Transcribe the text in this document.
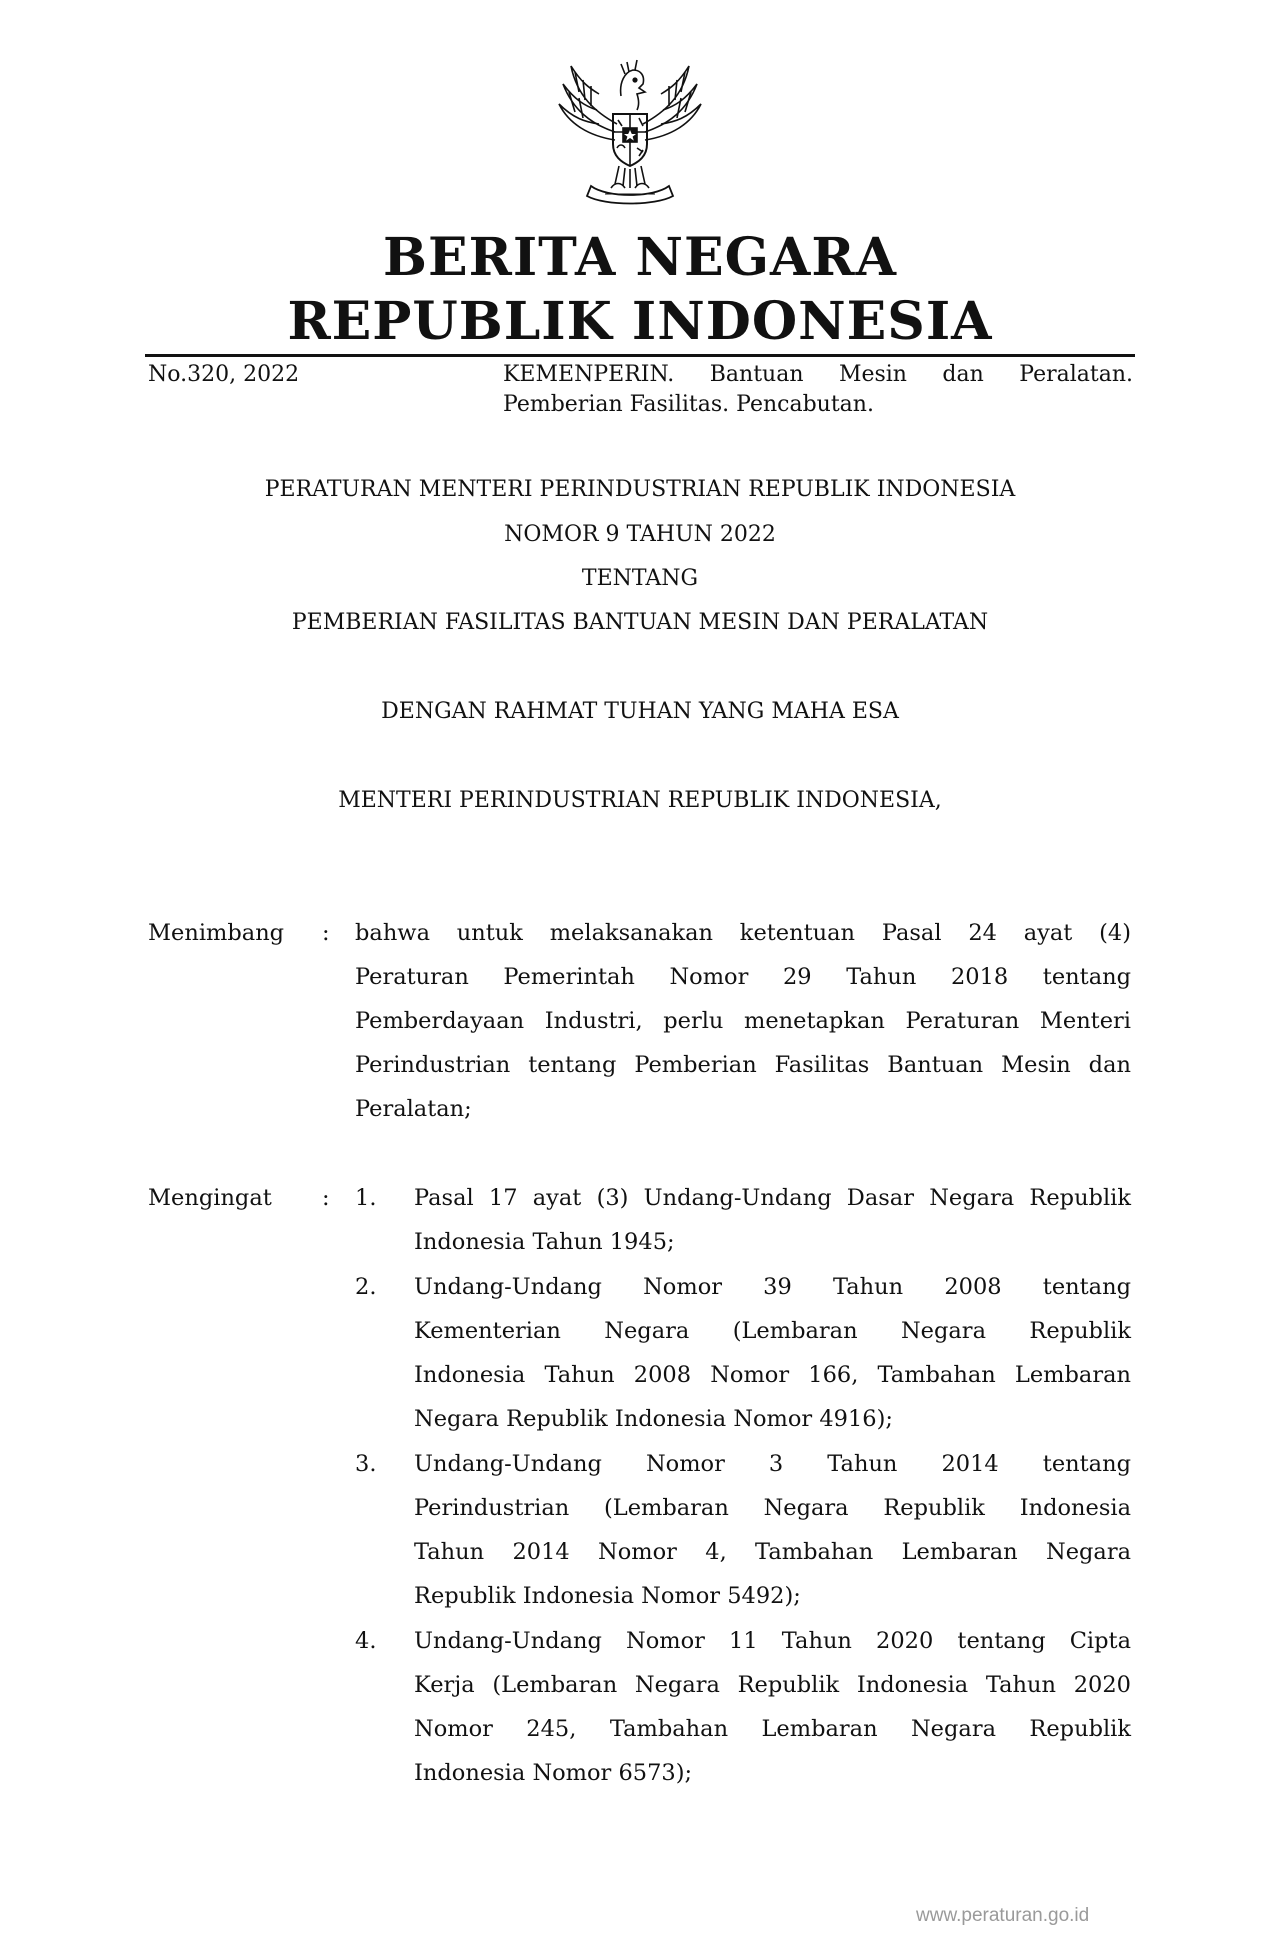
BERITA NEGARA
REPUBLIK INDONESIA
No.320, 2022	KEMENPERIN. Bantuan Mesin dan Peralatan.
Pemberian Fasilitas. Pencabutan.
PERATURAN MENTERI PERINDUSTRIAN REPUBLIK INDONESIA
NOMOR 9 TAHUN 2022
TENTANG
PEMBERIAN FASILITAS BANTUAN MESIN DAN PERALATAN
DENGAN RAHMAT TUHAN YANG MAHA ESA
MENTERI PERINDUSTRIAN REPUBLIK INDONESIA,
Menimbang : bahwa untuk melaksanakan ketentuan Pasal 24 ayat (4)
Peraturan Pemerintah Nomor 29 Tahun 2018 tentang
Pemberdayaan Industri, perlu menetapkan Peraturan Menteri
Perindustrian tentang Pemberian Fasilitas Bantuan Mesin dan
Peralatan;
Mengingat : 1. Pasal 17 ayat (3) Undang-Undang Dasar Negara Republik
Indonesia Tahun 1945;
2. Undang-Undang Nomor 39 Tahun 2008 tentang
Kementerian Negara (Lembaran Negara Republik
Indonesia Tahun 2008 Nomor 166, Tambahan Lembaran
Negara Republik Indonesia Nomor 4916);
3. Undang-Undang Nomor 3 Tahun 2014 tentang
Perindustrian (Lembaran Negara Republik Indonesia
Tahun 2014 Nomor 4, Tambahan Lembaran Negara
Republik Indonesia Nomor 5492);
4. Undang-Undang Nomor 11 Tahun 2020 tentang Cipta
Kerja (Lembaran Negara Republik Indonesia Tahun 2020
Nomor 245, Tambahan Lembaran Negara Republik
Indonesia Nomor 6573);
www.peraturan.go.id
